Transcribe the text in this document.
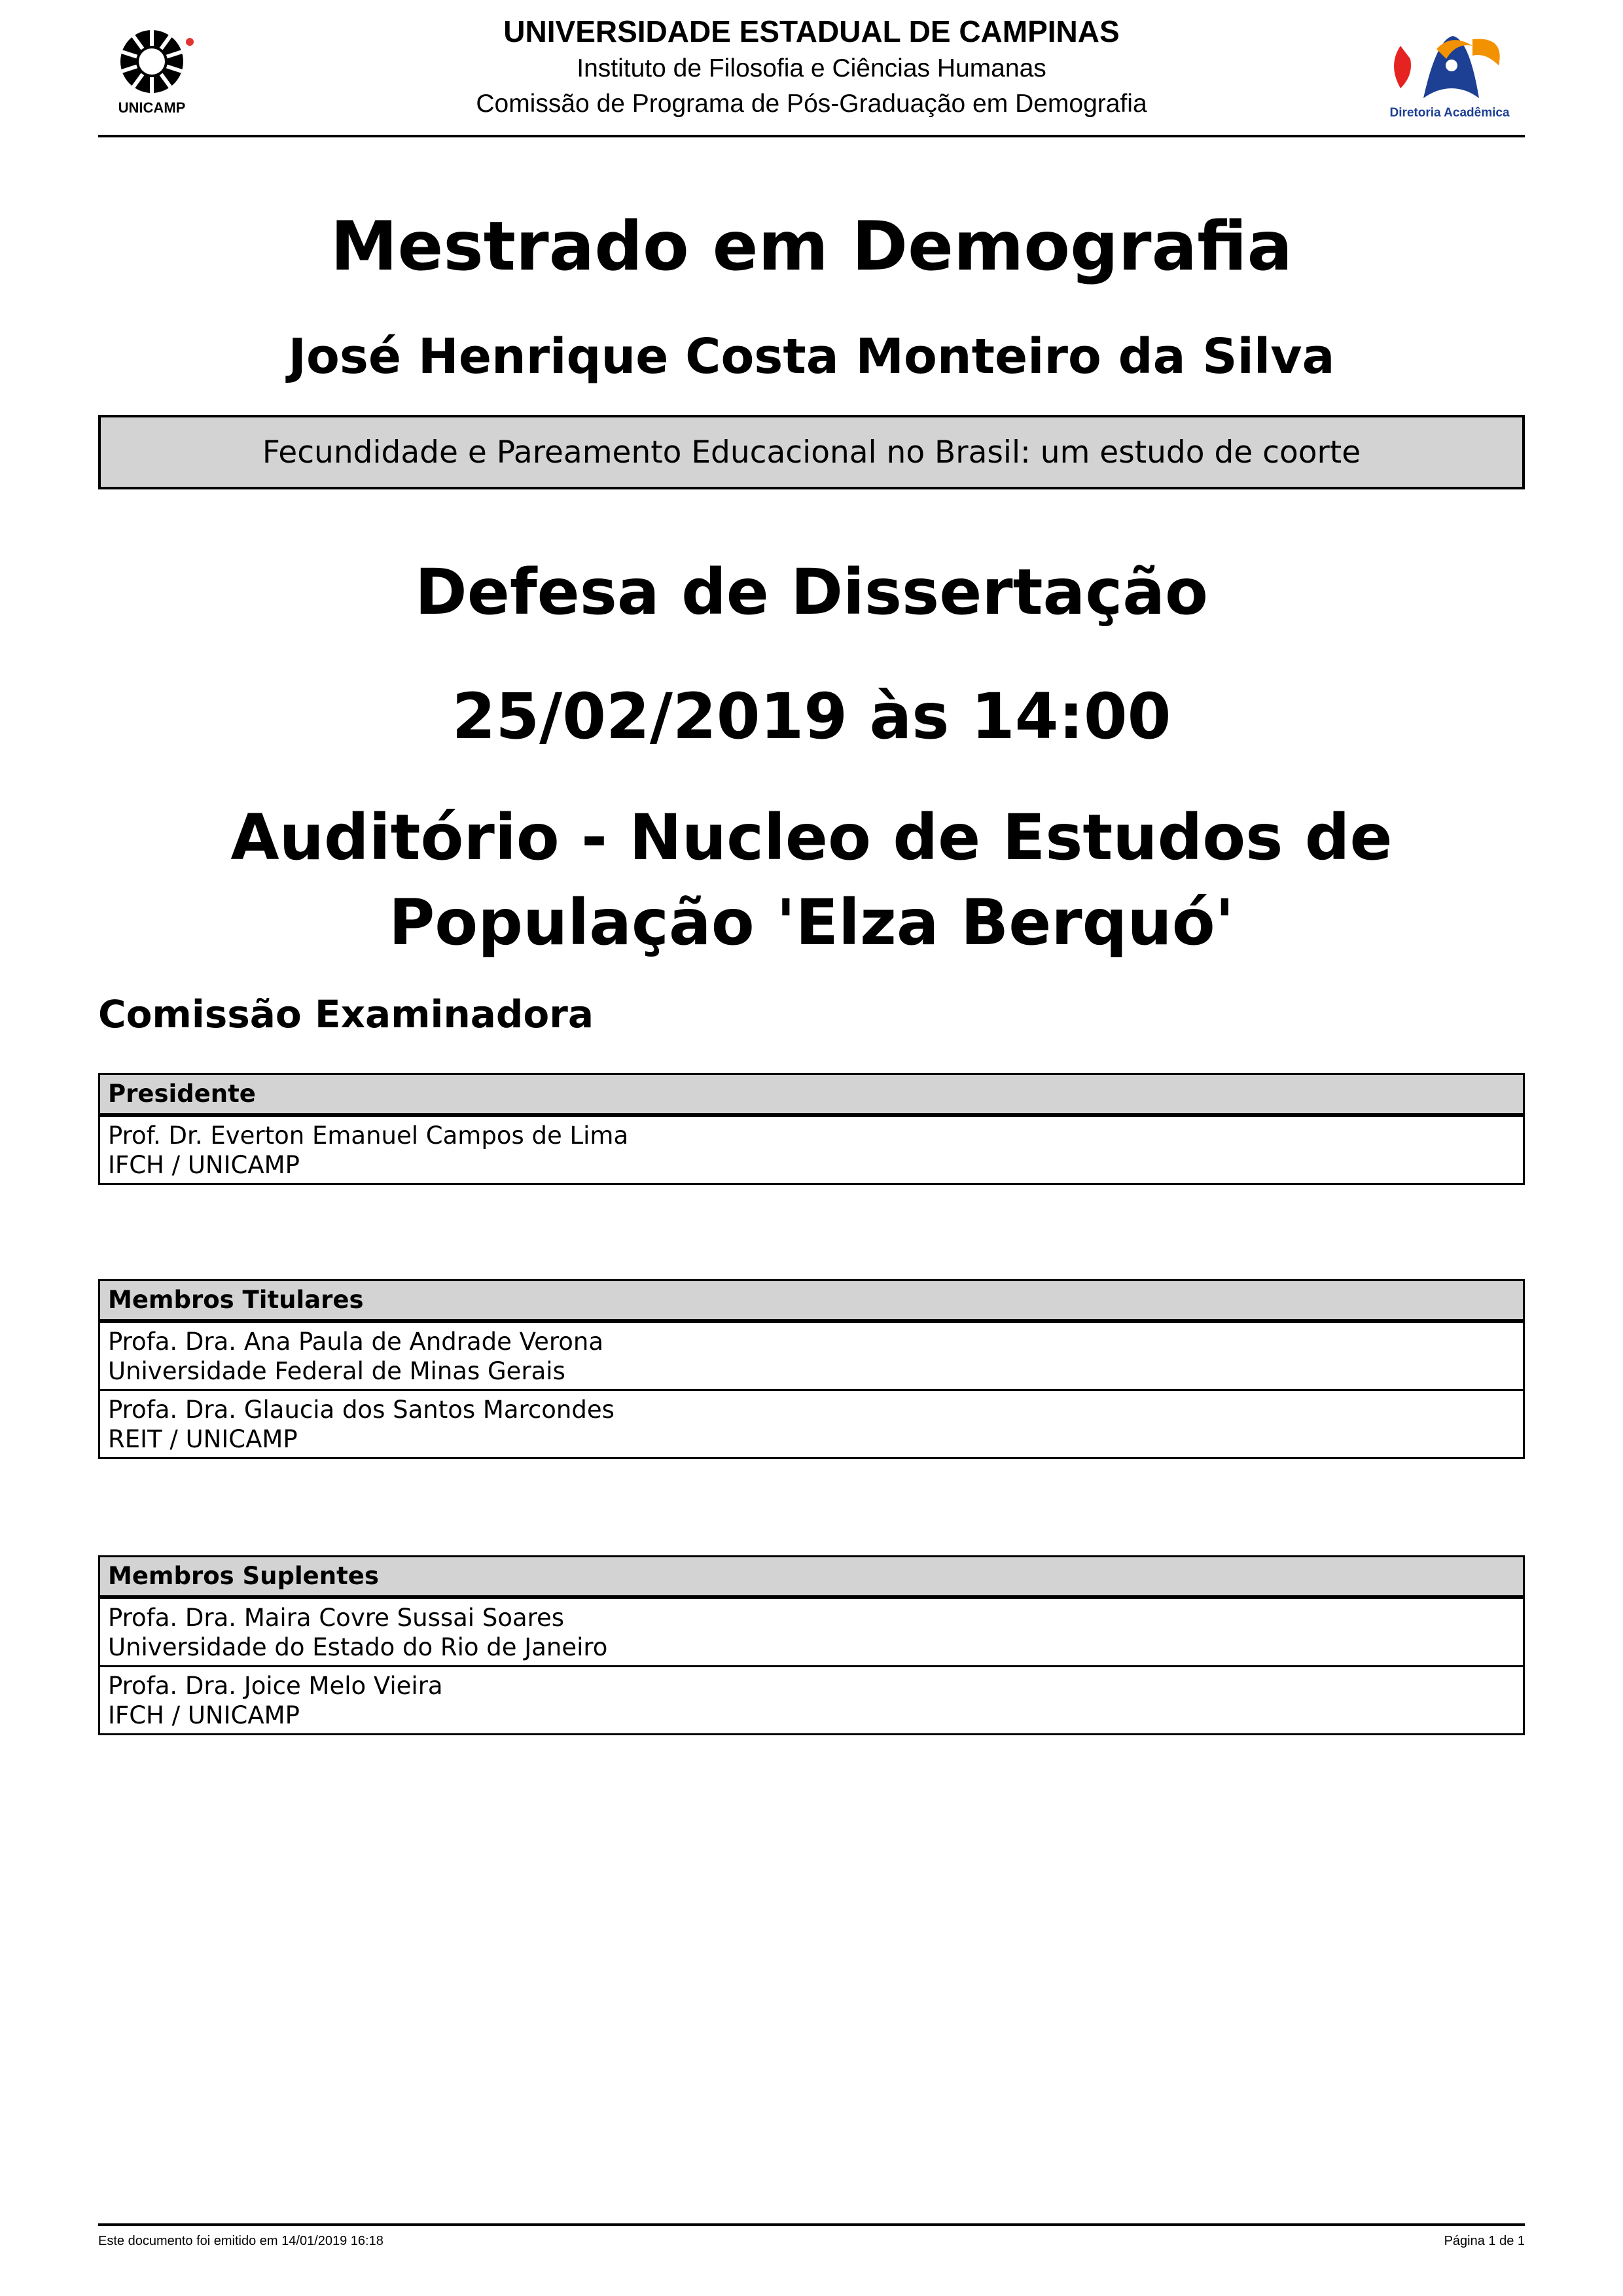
UNICAMP
UNIVERSIDADE ESTADUAL DE CAMPINAS
Instituto de Filosofia e Ciências Humanas
Comissão de Programa de Pós-Graduação em Demografia	Diretoria Acadêmica
Mestrado em Demografia
José Henrique Costa Monteiro da Silva
Fecundidade e Pareamento Educacional no Brasil: um estudo de coorte
Defesa de Dissertação
25/02/2019 às 14:00
Auditório - Nucleo de Estudos de
População 'Elza Berquó'
Comissão Examinadora
Presidente
Prof. Dr. Everton Emanuel Campos de Lima
IFCH / UNICAMP
Membros Titulares
Profa. Dra. Ana Paula de Andrade Verona
Universidade Federal de Minas Gerais
Profa. Dra. Glaucia dos Santos Marcondes
REIT / UNICAMP
Membros Suplentes
Profa. Dra. Maira Covre Sussai Soares
Universidade do Estado do Rio de Janeiro
Profa. Dra. Joice Melo Vieira
IFCH / UNICAMP
Este documento foi emitido em 14/01/2019 16:18	Página 1 de 1
